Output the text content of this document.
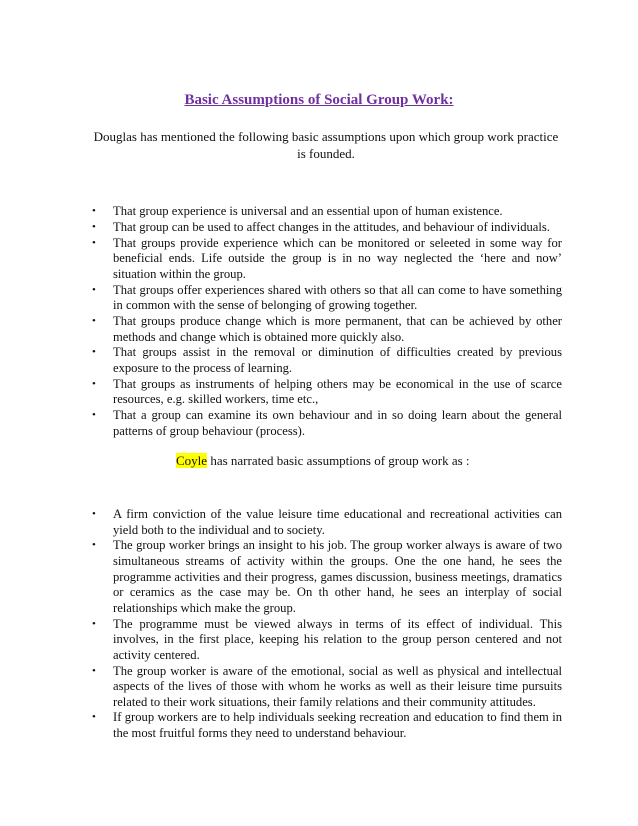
Basic Assumptions of Social Group Work:
Douglas has mentioned the following basic assumptions upon which group work practice is founded.
• That group experience is universal and an essential upon of human existence.
• That group can be used to affect changes in the attitudes, and behaviour of individuals.
• That groups provide experience which can be monitored or seleeted in some way for beneficial ends. Life outside the group is in no way neglected the ‘here and now’ situation within the group.
• That groups offer experiences shared with others so that all can come to have something in common with the sense of belonging of growing together.
• That groups produce change which is more permanent, that can be achieved by other methods and change which is obtained more quickly also.
• That groups assist in the removal or diminution of difficulties created by previous exposure to the process of learning.
• That groups as instruments of helping others may be economical in the use of scarce resources, e.g. skilled workers, time etc.,
• That a group can examine its own behaviour and in so doing learn about the general patterns of group behaviour (process).
Coyle has narrated basic assumptions of group work as :
• A firm conviction of the value leisure time educational and recreational activities can yield both to the individual and to society.
• The group worker brings an insight to his job. The group worker always is aware of two simultaneous streams of activity within the groups. One the one hand, he sees the programme activities and their progress, games discussion, business meetings, dramatics or ceramics as the case may be. On th other hand, he sees an interplay of social relationships which make the group.
• The programme must be viewed always in terms of its effect of individual. This involves, in the first place, keeping his relation to the group person centered and not activity centered.
• The group worker is aware of the emotional, social as well as physical and intellectual aspects of the lives of those with whom he works as well as their leisure time pursuits related to their work situations, their family relations and their community attitudes.
• If group workers are to help individuals seeking recreation and education to find them in the most fruitful forms they need to understand behaviour.
